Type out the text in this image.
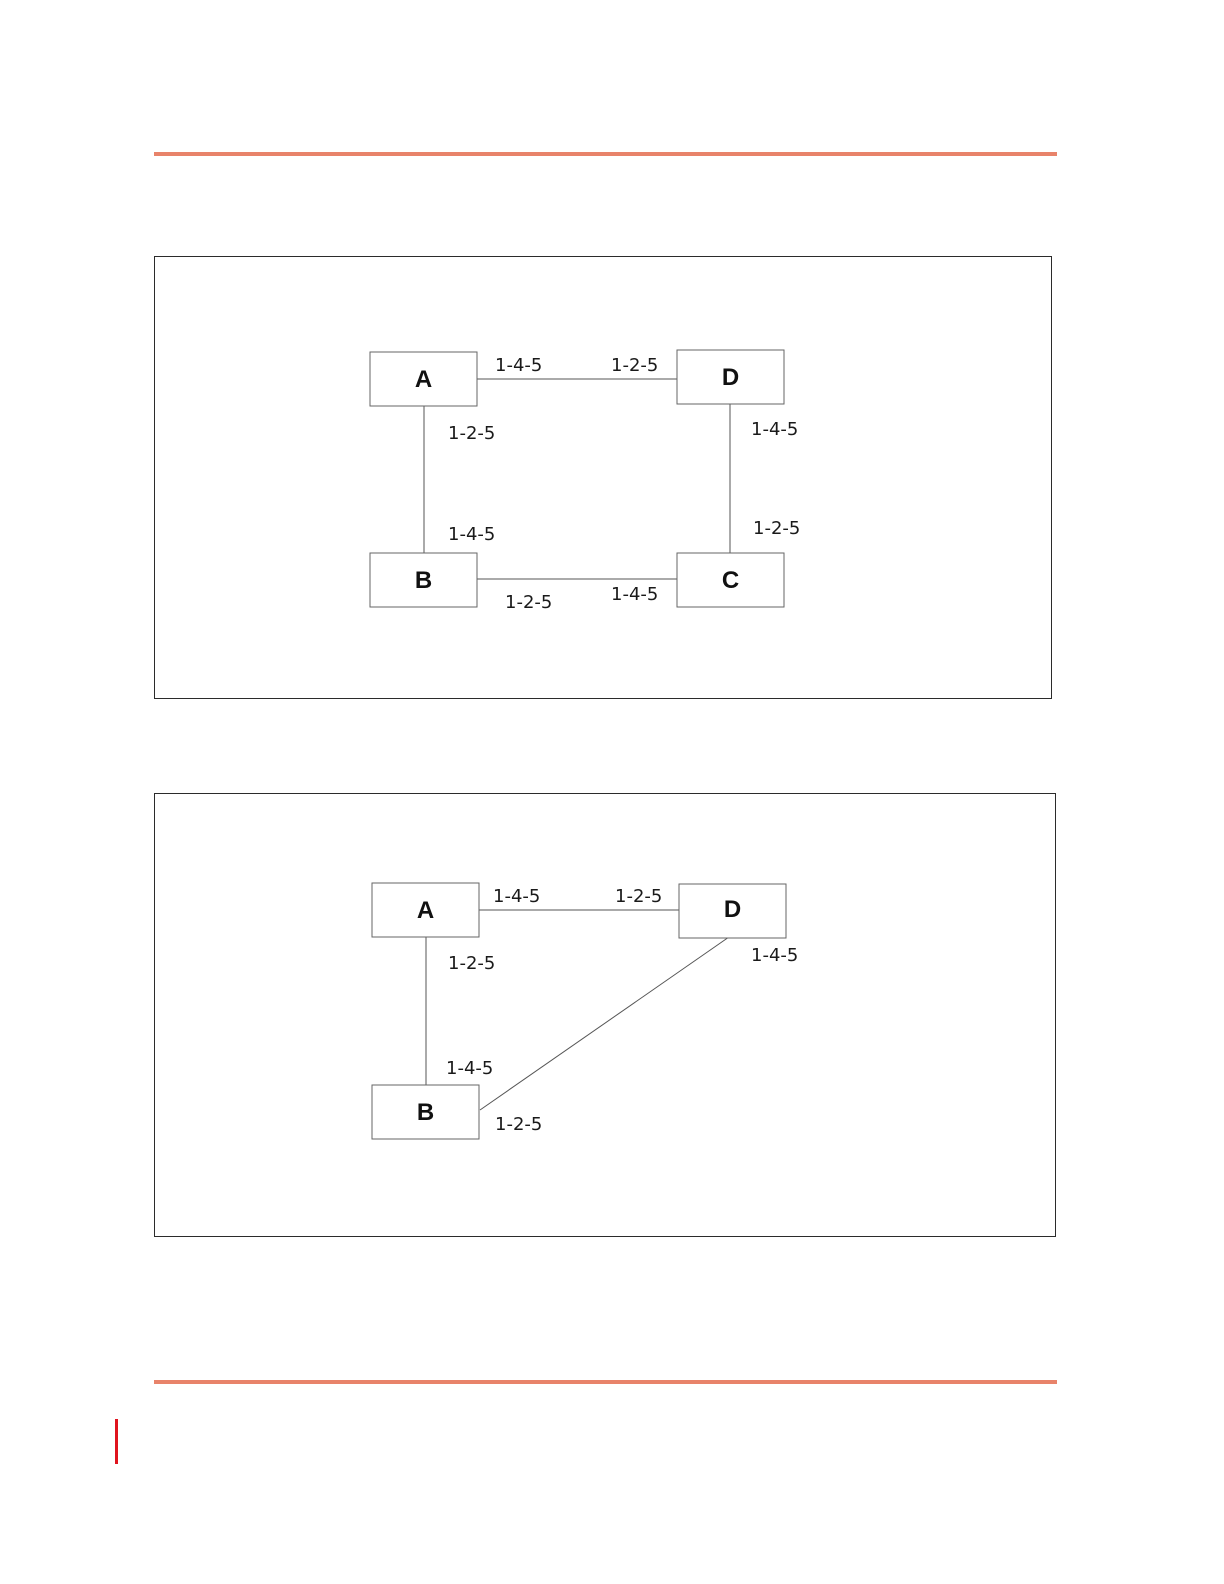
A	D
B	C
1-4-5	1-2-5
1-2-5
1-4-5
1-4-5
1-2-5
1-2-5	1-4-5
A	D
B
1-4-5	1-2-5
1-2-5
1-4-5
1-4-5
1-2-5
